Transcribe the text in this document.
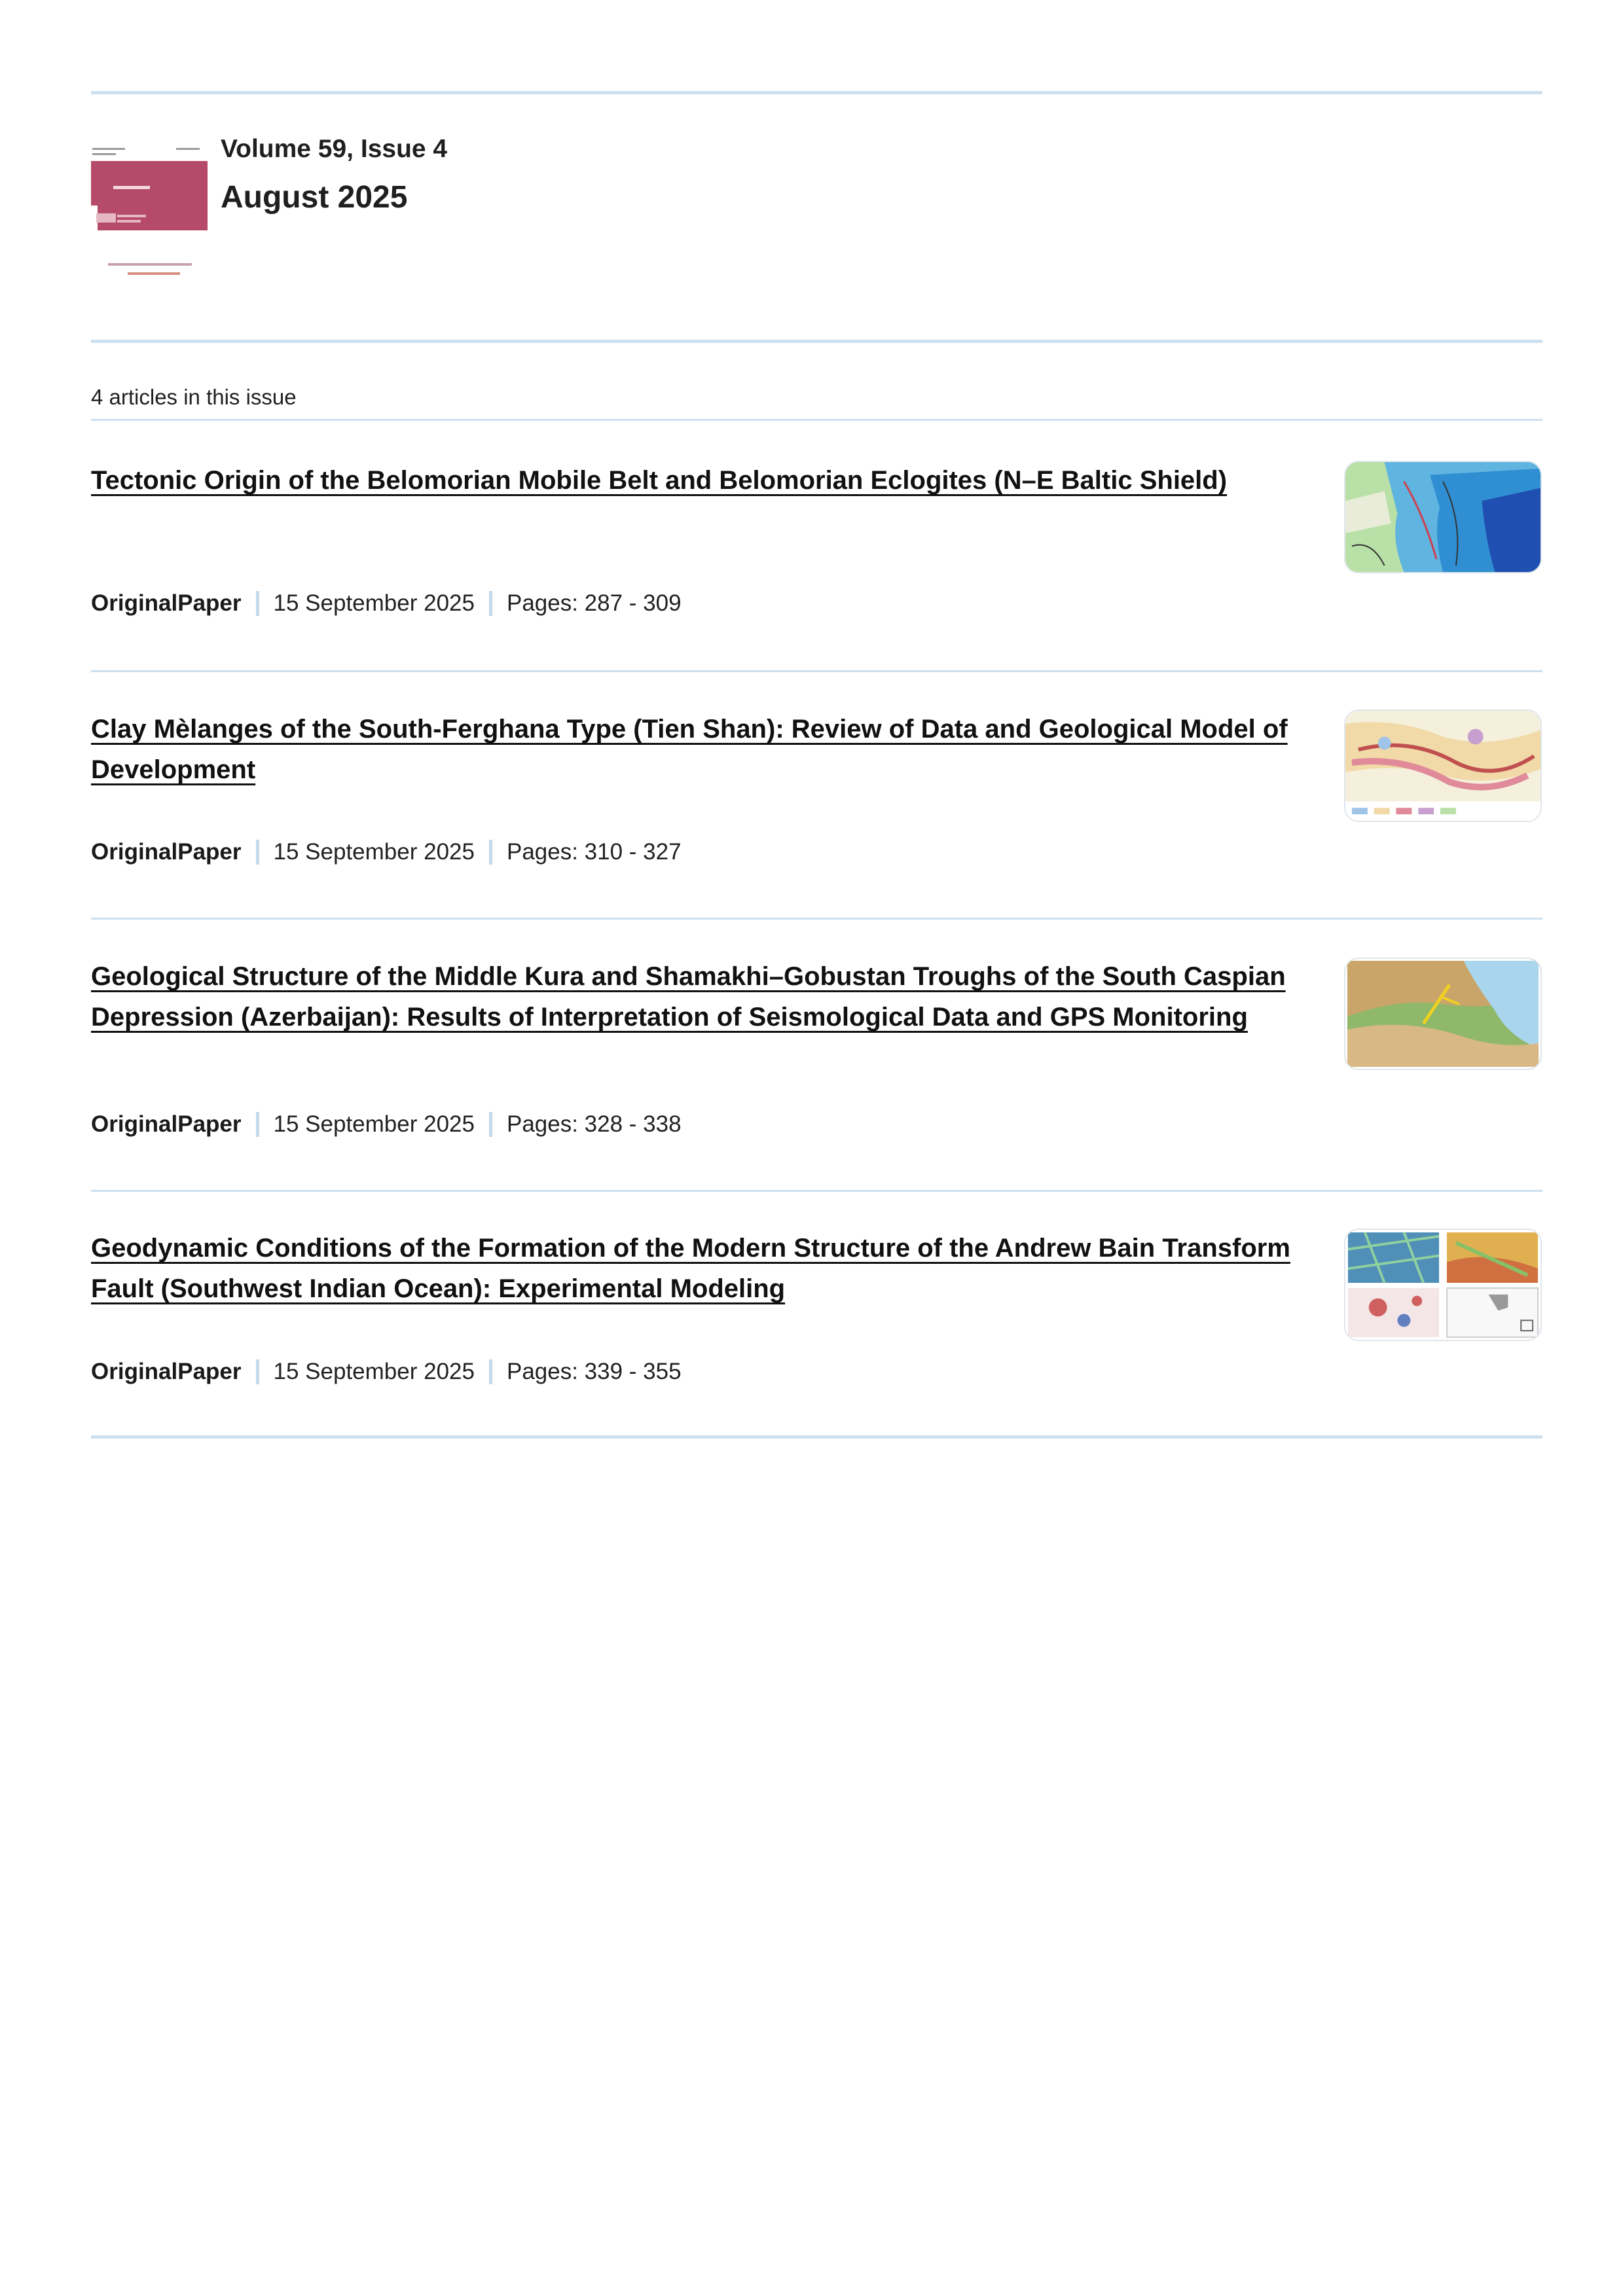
Volume 59, Issue 4
August 2025
4 articles in this issue
Tectonic Origin of the Belomorian Mobile Belt and Belomorian Eclogites (N–E Baltic Shield)
OriginalPaper 15 September 2025 Pages: 287 - 309
Clay Mèlanges of the South-Ferghana Type (Tien Shan): Review of Data and Geological Model of Development
OriginalPaper 15 September 2025 Pages: 310 - 327
Geological Structure of the Middle Kura and Shamakhi–Gobustan Troughs of the South Caspian Depression (Azerbaijan): Results of Interpretation of Seismological Data and GPS Monitoring
OriginalPaper 15 September 2025 Pages: 328 - 338
Geodynamic Conditions of the Formation of the Modern Structure of the Andrew Bain Transform Fault (Southwest Indian Ocean): Experimental Modeling
OriginalPaper 15 September 2025 Pages: 339 - 355
